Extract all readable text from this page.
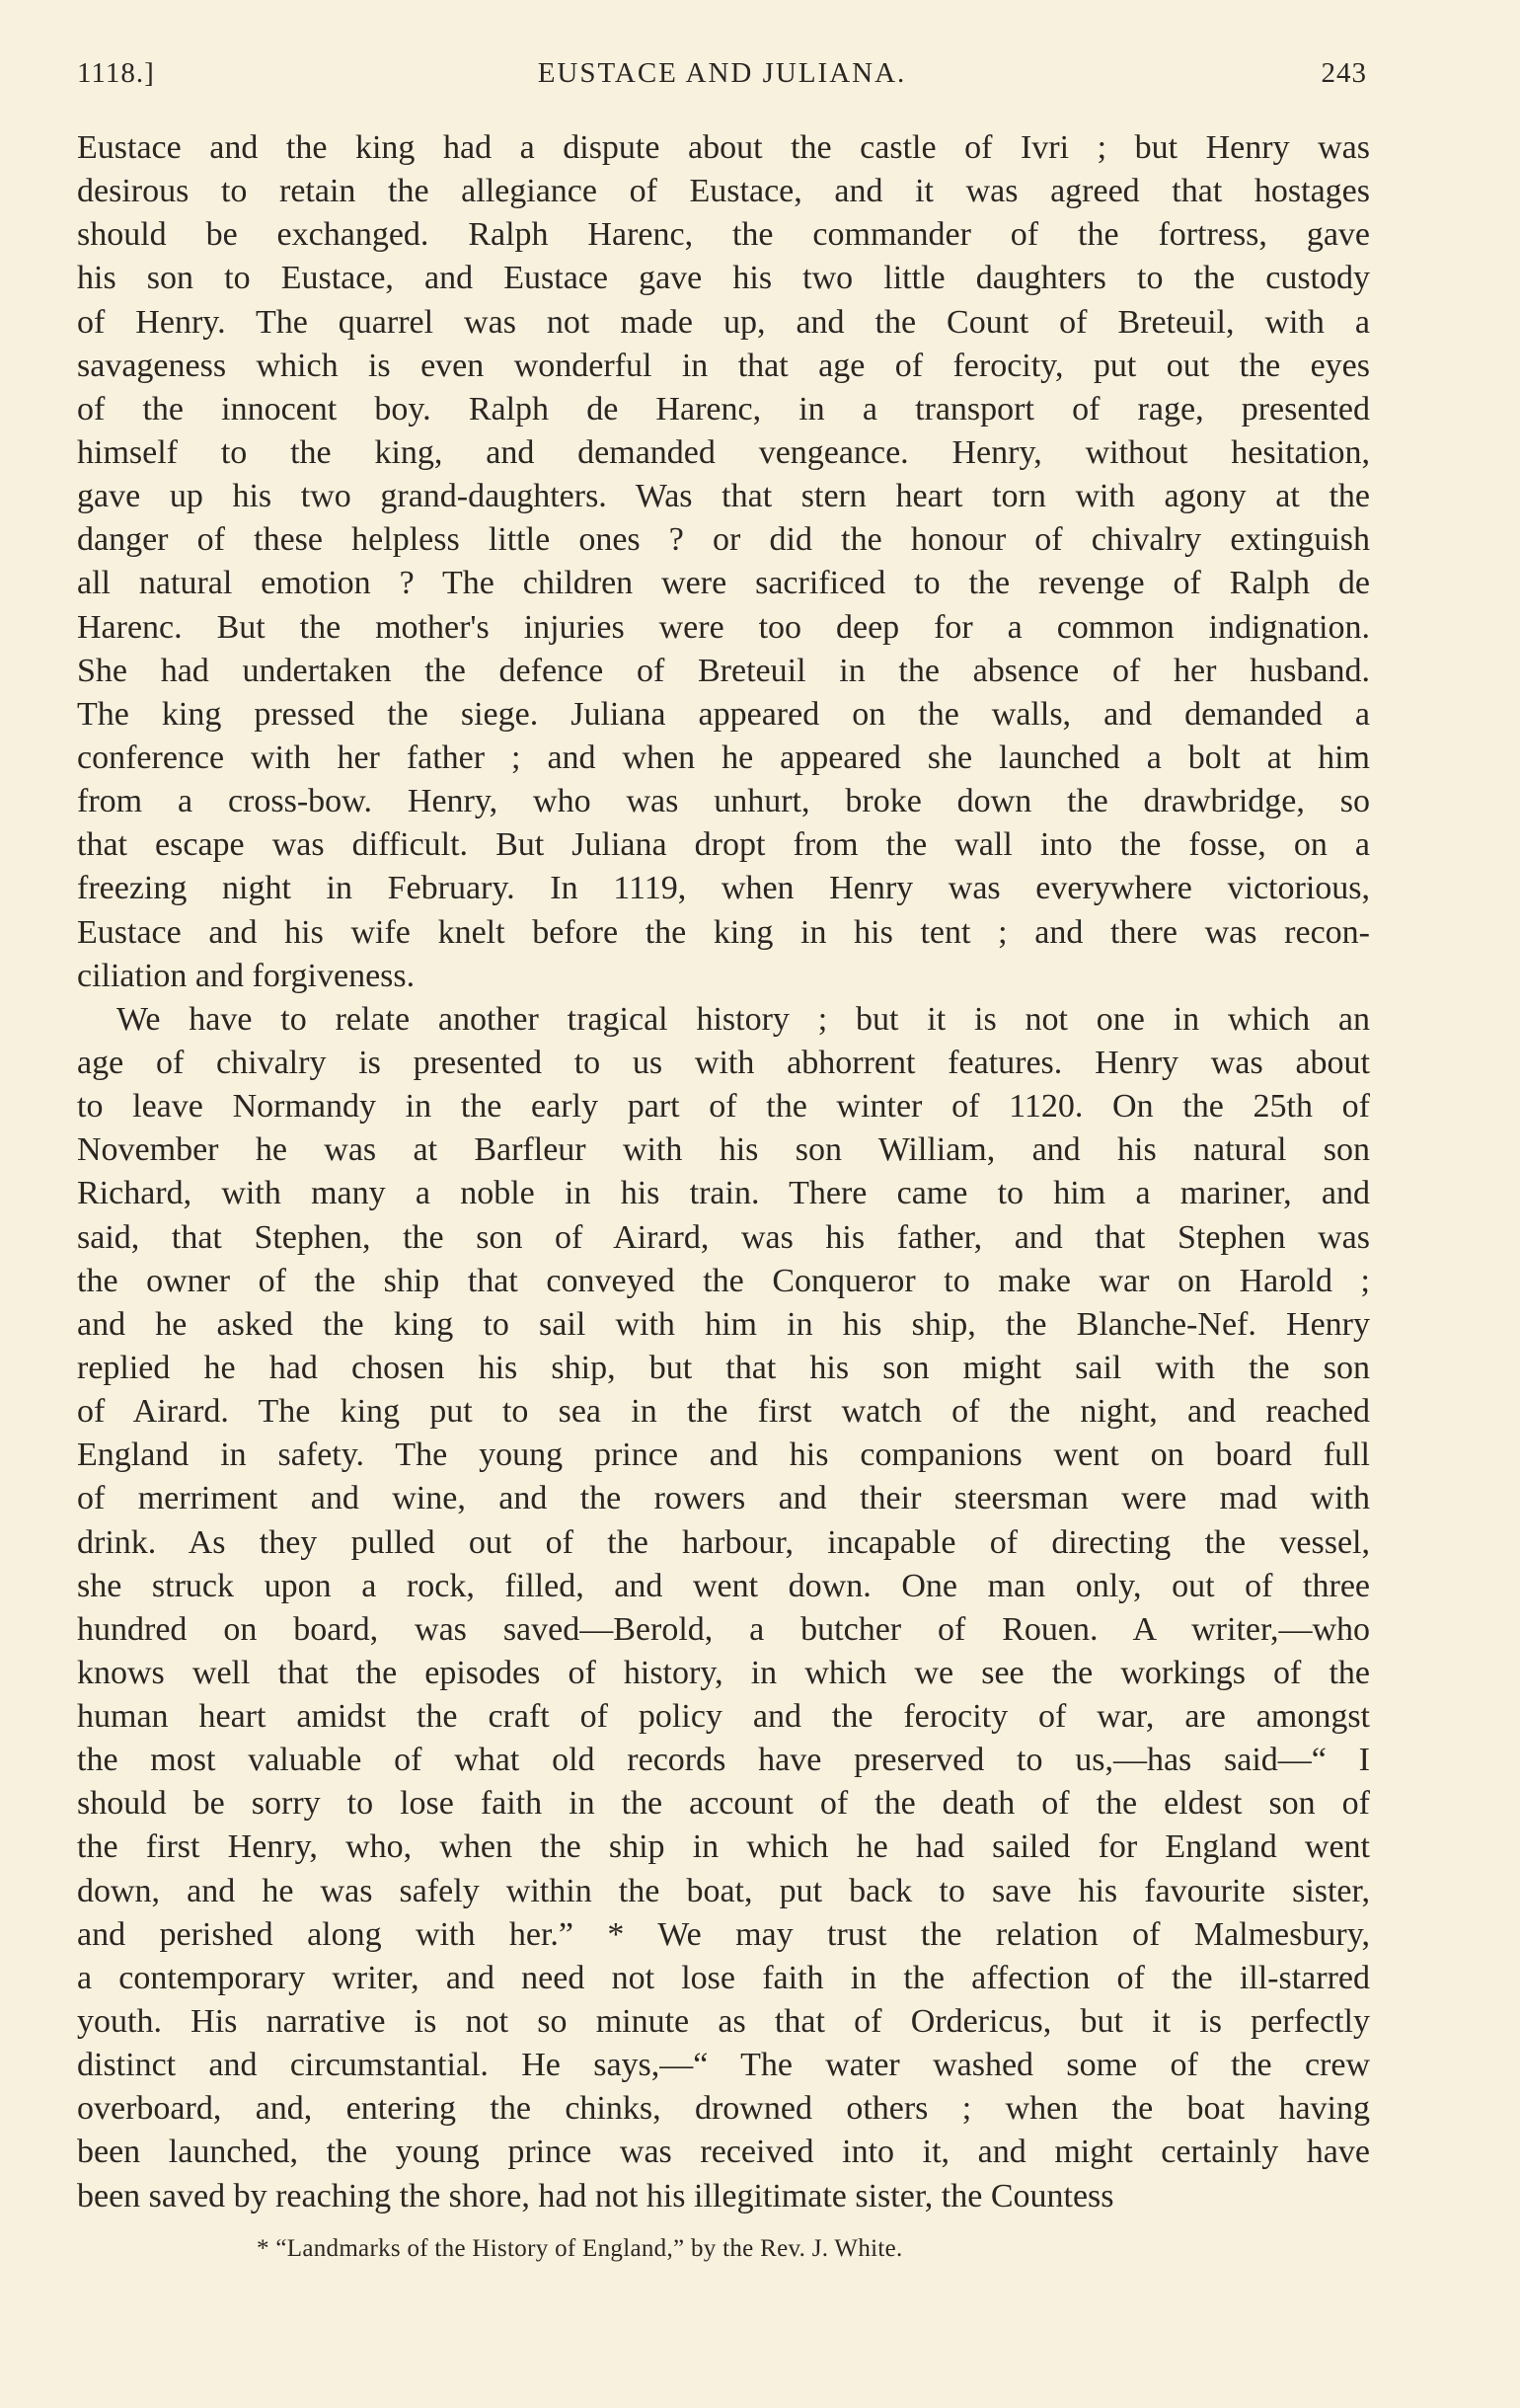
1118.]	EUSTACE AND JULIANA.	243
Eustace and the king had a dispute about the castle of Ivri ; but Henry was
desirous to retain the allegiance of Eustace, and it was agreed that hostages
should be exchanged. Ralph Harenc, the commander of the fortress, gave
his son to Eustace, and Eustace gave his two little daughters to the custody
of Henry. The quarrel was not made up, and the Count of Breteuil, with a
savageness which is even wonderful in that age of ferocity, put out the eyes
of the innocent boy. Ralph de Harenc, in a transport of rage, presented
himself to the king, and demanded vengeance. Henry, without hesitation,
gave up his two grand-daughters. Was that stern heart torn with agony at the
danger of these helpless little ones ? or did the honour of chivalry extinguish
all natural emotion ? The children were sacrificed to the revenge of Ralph de
Harenc. But the mother's injuries were too deep for a common indignation.
She had undertaken the defence of Breteuil in the absence of her husband.
The king pressed the siege. Juliana appeared on the walls, and demanded a
conference with her father ; and when he appeared she launched a bolt at him
from a cross-bow. Henry, who was unhurt, broke down the drawbridge, so
that escape was difficult. But Juliana dropt from the wall into the fosse, on a
freezing night in February. In 1119, when Henry was everywhere victorious,
Eustace and his wife knelt before the king in his tent ; and there was recon-
ciliation and forgiveness.
We have to relate another tragical history ; but it is not one in which an
age of chivalry is presented to us with abhorrent features. Henry was about
to leave Normandy in the early part of the winter of 1120. On the 25th of
November he was at Barfleur with his son William, and his natural son
Richard, with many a noble in his train. There came to him a mariner, and
said, that Stephen, the son of Airard, was his father, and that Stephen was
the owner of the ship that conveyed the Conqueror to make war on Harold ;
and he asked the king to sail with him in his ship, the Blanche-Nef. Henry
replied he had chosen his ship, but that his son might sail with the son
of Airard. The king put to sea in the first watch of the night, and reached
England in safety. The young prince and his companions went on board full
of merriment and wine, and the rowers and their steersman were mad with
drink. As they pulled out of the harbour, incapable of directing the vessel,
she struck upon a rock, filled, and went down. One man only, out of three
hundred on board, was saved—Berold, a butcher of Rouen. A writer,—who
knows well that the episodes of history, in which we see the workings of the
human heart amidst the craft of policy and the ferocity of war, are amongst
the most valuable of what old records have preserved to us,—has said—“ I
should be sorry to lose faith in the account of the death of the eldest son of
the first Henry, who, when the ship in which he had sailed for England went
down, and he was safely within the boat, put back to save his favourite sister,
and perished along with her.” * We may trust the relation of Malmesbury,
a contemporary writer, and need not lose faith in the affection of the ill-starred
youth. His narrative is not so minute as that of Ordericus, but it is perfectly
distinct and circumstantial. He says,—“ The water washed some of the crew
overboard, and, entering the chinks, drowned others ; when the boat having
been launched, the young prince was received into it, and might certainly have
been saved by reaching the shore, had not his illegitimate sister, the Countess
* “Landmarks of the History of England,” by the Rev. J. White.
